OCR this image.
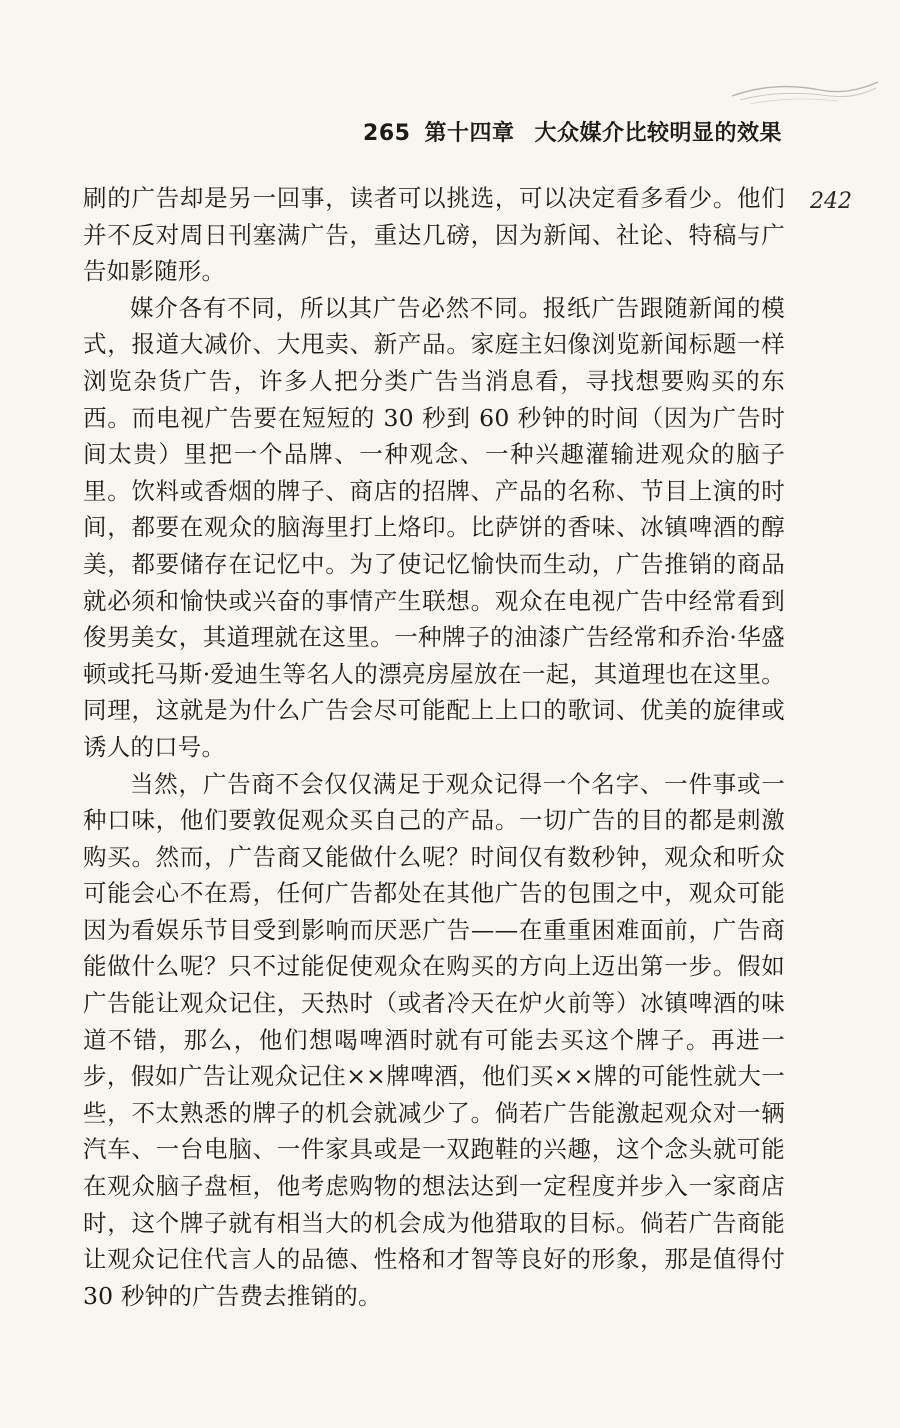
265 第十四章 大众媒介比较明显的效果
242

刷的广告却是另一回事，读者可以挑选，可以决定看多看少。他们并不反对周日刊塞满广告，重达几磅，因为新闻、社论、特稿与广告如影随形。

媒介各有不同，所以其广告必然不同。报纸广告跟随新闻的模式，报道大减价、大甩卖、新产品。家庭主妇像浏览新闻标题一样浏览杂货广告，许多人把分类广告当消息看，寻找想要购买的东西。而电视广告要在短短的 30 秒到 60 秒钟的时间（因为广告时间太贵）里把一个品牌、一种观念、一种兴趣灌输进观众的脑子里。饮料或香烟的牌子、商店的招牌、产品的名称、节目上演的时间，都要在观众的脑海里打上烙印。比萨饼的香味、冰镇啤酒的醇美，都要储存在记忆中。为了使记忆愉快而生动，广告推销的商品就必须和愉快或兴奋的事情产生联想。观众在电视广告中经常看到俊男美女，其道理就在这里。一种牌子的油漆广告经常和乔治·华盛顿或托马斯·爱迪生等名人的漂亮房屋放在一起，其道理也在这里。同理，这就是为什么广告会尽可能配上上口的歌词、优美的旋律或诱人的口号。

当然，广告商不会仅仅满足于观众记得一个名字、一件事或一种口味，他们要敦促观众买自己的产品。一切广告的目的都是刺激购买。然而，广告商又能做什么呢？时间仅有数秒钟，观众和听众可能会心不在焉，任何广告都处在其他广告的包围之中，观众可能因为看娱乐节目受到影响而厌恶广告——在重重困难面前，广告商能做什么呢？只不过能促使观众在购买的方向上迈出第一步。假如广告能让观众记住，天热时（或者冷天在炉火前等）冰镇啤酒的味道不错，那么，他们想喝啤酒时就有可能去买这个牌子。再进一步，假如广告让观众记住××牌啤酒，他们买××牌的可能性就大一些，不太熟悉的牌子的机会就减少了。倘若广告能激起观众对一辆汽车、一台电脑、一件家具或是一双跑鞋的兴趣，这个念头就可能在观众脑子盘桓，他考虑购物的想法达到一定程度并步入一家商店时，这个牌子就有相当大的机会成为他猎取的目标。倘若广告商能让观众记住代言人的品德、性格和才智等良好的形象，那是值得付 30 秒钟的广告费去推销的。
